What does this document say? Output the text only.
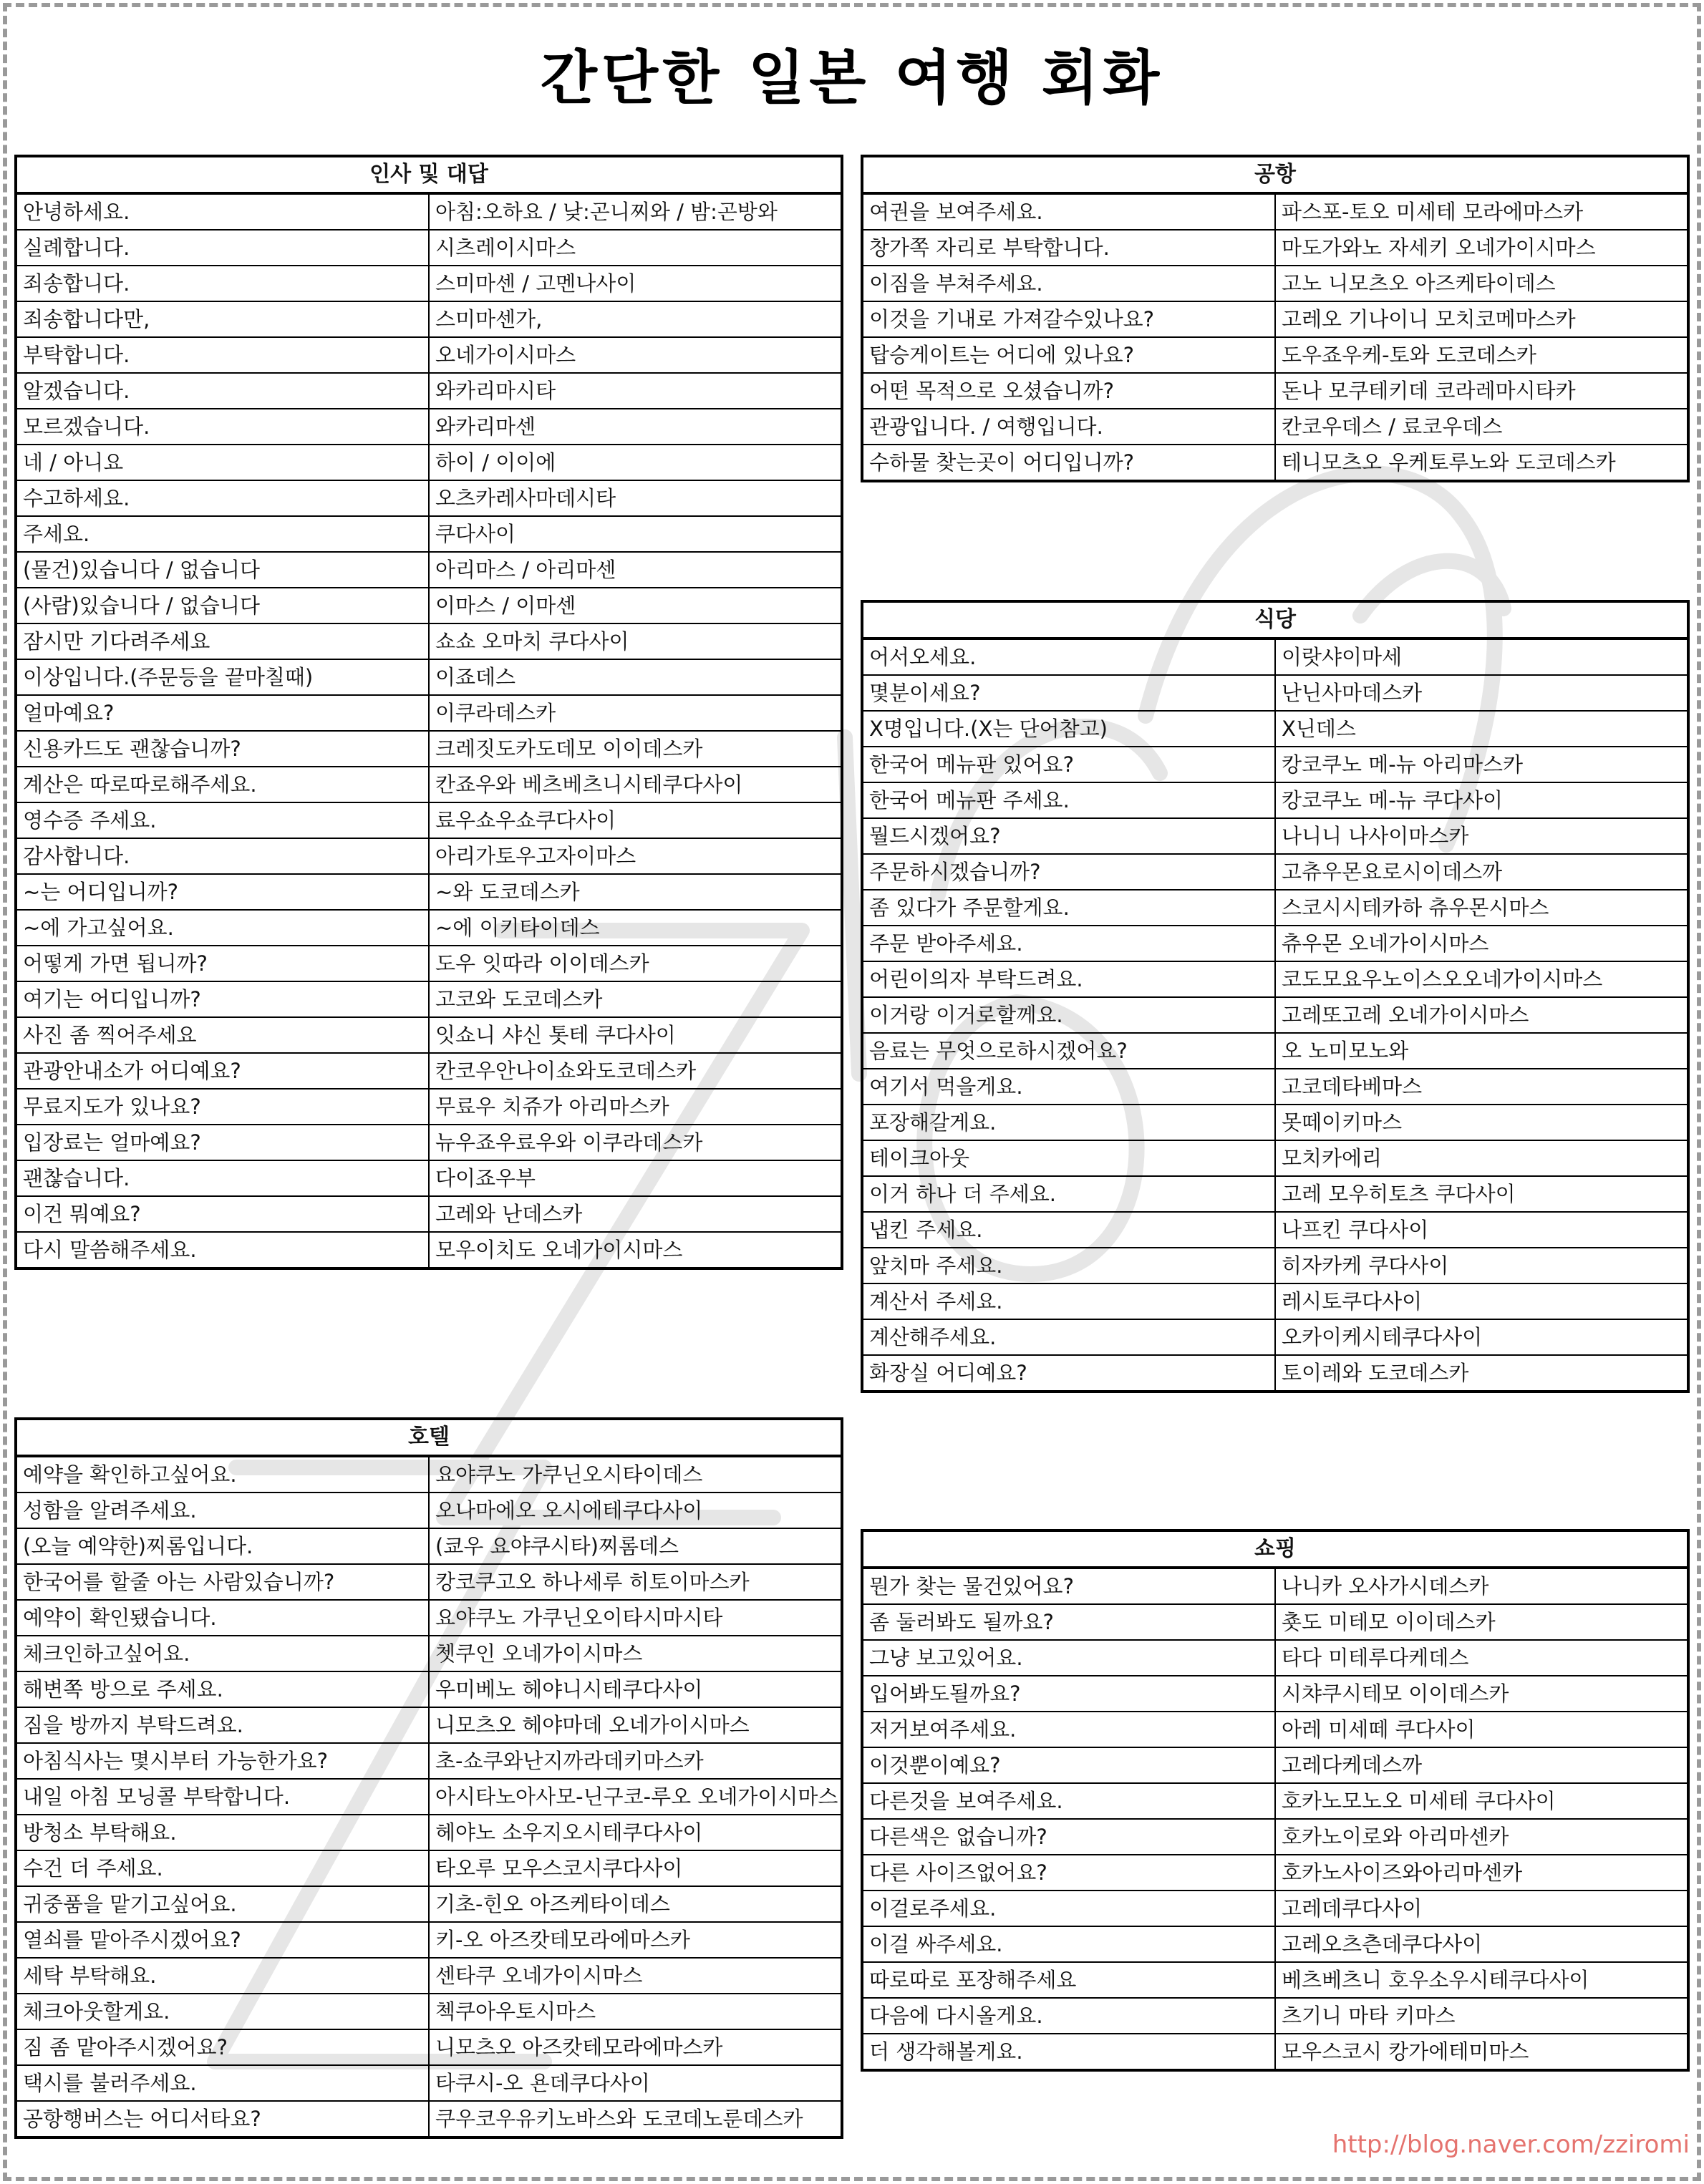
간단한 일본 여행 회화
인사 및 대답	
안녕하세요.	아침:오하요 / 낮:곤니찌와 / 밤:곤방와
실례합니다.	시츠레이시마스
죄송합니다.	스미마센 / 고멘나사이
죄송합니다만,	스미마센가,
부탁합니다.	오네가이시마스
알겠습니다.	와카리마시타
모르겠습니다.	와카리마센
네 / 아니요	하이 / 이이에
수고하세요.	오츠카레사마데시타
주세요.	쿠다사이
(물건)있습니다 / 없습니다	아리마스 / 아리마센
(사람)있습니다 / 없습니다	이마스 / 이마센
잠시만 기다려주세요	쇼쇼 오마치 쿠다사이
이상입니다.(주문등을 끝마칠때)	이죠데스
얼마예요?	이쿠라데스카
신용카드도 괜찮습니까?	크레짓도카도데모 이이데스카
계산은 따로따로해주세요.	칸죠우와 베츠베츠니시테쿠다사이
영수증 주세요.	료우쇼우쇼쿠다사이
감사합니다.	아리가토우고자이마스
~는 어디입니까?	~와 도코데스카
~에 가고싶어요.	~에 이키타이데스
어떻게 가면 됩니까?	도우 잇따라 이이데스카
여기는 어디입니까?	고코와 도코데스카
사진 좀 찍어주세요	잇쇼니 샤신 톳테 쿠다사이
관광안내소가 어디예요?	칸코우안나이쇼와도코데스카
무료지도가 있나요?	무료우 치쥬가 아리마스카
입장료는 얼마예요?	뉴우죠우료우와 이쿠라데스카
괜찮습니다.	다이죠우부
이건 뭐예요?	고레와 난데스카
다시 말씀해주세요.	모우이치도 오네가이시마스
호텔	
예약을 확인하고싶어요.	요야쿠노 가쿠닌오시타이데스
성함을 알려주세요.	오나마에오 오시에테쿠다사이
(오늘 예약한)찌롬입니다.	(쿄우 요야쿠시타)찌롬데스
한국어를 할줄 아는 사람있습니까?	캉코쿠고오 하나세루 히토이마스카
예약이 확인됐습니다.	요야쿠노 가쿠닌오이타시마시타
체크인하고싶어요.	쳇쿠인 오네가이시마스
해변쪽 방으로 주세요.	우미베노 헤야니시테쿠다사이
짐을 방까지 부탁드려요.	니모츠오 헤야마데 오네가이시마스
아침식사는 몇시부터 가능한가요?	초-쇼쿠와난지까라데키마스카
내일 아침 모닝콜 부탁합니다.	아시타노아사모-닌구코-루오 오네가이시마스
방청소 부탁해요.	헤야노 소우지오시테쿠다사이
수건 더 주세요.	타오루 모우스코시쿠다사이
귀중품을 맡기고싶어요.	기초-힌오 아즈케타이데스
열쇠를 맡아주시겠어요?	키-오 아즈캇테모라에마스카
세탁 부탁해요.	센타쿠 오네가이시마스
체크아웃할게요.	첵쿠아우토시마스
짐 좀 맡아주시겠어요?	니모츠오 아즈캇테모라에마스카
택시를 불러주세요.	타쿠시-오 욘데쿠다사이
공항행버스는 어디서타요?	쿠우코우유키노바스와 도코데노룬데스카
공항	
여권을 보여주세요.	파스포-토오 미세테 모라에마스카
창가쪽 자리로 부탁합니다.	마도가와노 자세키 오네가이시마스
이짐을 부쳐주세요.	고노 니모츠오 아즈케타이데스
이것을 기내로 가져갈수있나요?	고레오 기나이니 모치코메마스카
탑승게이트는 어디에 있나요?	도우죠우케-토와 도코데스카
어떤 목적으로 오셨습니까?	돈나 모쿠테키데 코라레마시타카
관광입니다. / 여행입니다.	칸코우데스 / 료코우데스
수하물 찾는곳이 어디입니까?	테니모츠오 우케토루노와 도코데스카
식당	
어서오세요.	이랏샤이마세
몇분이세요?	난닌사마데스카
X명입니다.(X는 단어참고)	X닌데스
한국어 메뉴판 있어요?	캉코쿠노 메-뉴 아리마스카
한국어 메뉴판 주세요.	캉코쿠노 메-뉴 쿠다사이
뭘드시겠어요?	나니니 나사이마스카
주문하시겠습니까?	고츄우몬요로시이데스까
좀 있다가 주문할게요.	스코시시테카하 츄우몬시마스
주문 받아주세요.	츄우몬 오네가이시마스
어린이의자 부탁드려요.	코도모요우노이스오오네가이시마스
이거랑 이거로할께요.	고레또고레 오네가이시마스
음료는 무엇으로하시겠어요?	오 노미모노와
여기서 먹을게요.	고코데타베마스
포장해갈게요.	못떼이키마스
테이크아웃	모치카에리
이거 하나 더 주세요.	고레 모우히토츠 쿠다사이
냅킨 주세요.	나프킨 쿠다사이
앞치마 주세요.	히자카케 쿠다사이
계산서 주세요.	레시토쿠다사이
계산해주세요.	오카이케시테쿠다사이
화장실 어디예요?	토이레와 도코데스카
쇼핑	
뭔가 찾는 물건있어요?	나니카 오사가시데스카
좀 둘러봐도 될까요?	춋도 미테모 이이데스카
그냥 보고있어요.	타다 미테루다케데스
입어봐도될까요?	시챠쿠시테모 이이데스카
저거보여주세요.	아레 미세떼 쿠다사이
이것뿐이예요?	고레다케데스까
다른것을 보여주세요.	호카노모노오 미세테 쿠다사이
다른색은 없습니까?	호카노이로와 아리마센카
다른 사이즈없어요?	호카노사이즈와아리마센카
이걸로주세요.	고레데쿠다사이
이걸 싸주세요.	고레오츠츤데쿠다사이
따로따로 포장해주세요	베츠베츠니 호우소우시테쿠다사이
다음에 다시올게요.	츠기니 마타 키마스
더 생각해볼게요.	모우스코시 캉가에테미마스
http://blog.naver.com/zziromi
